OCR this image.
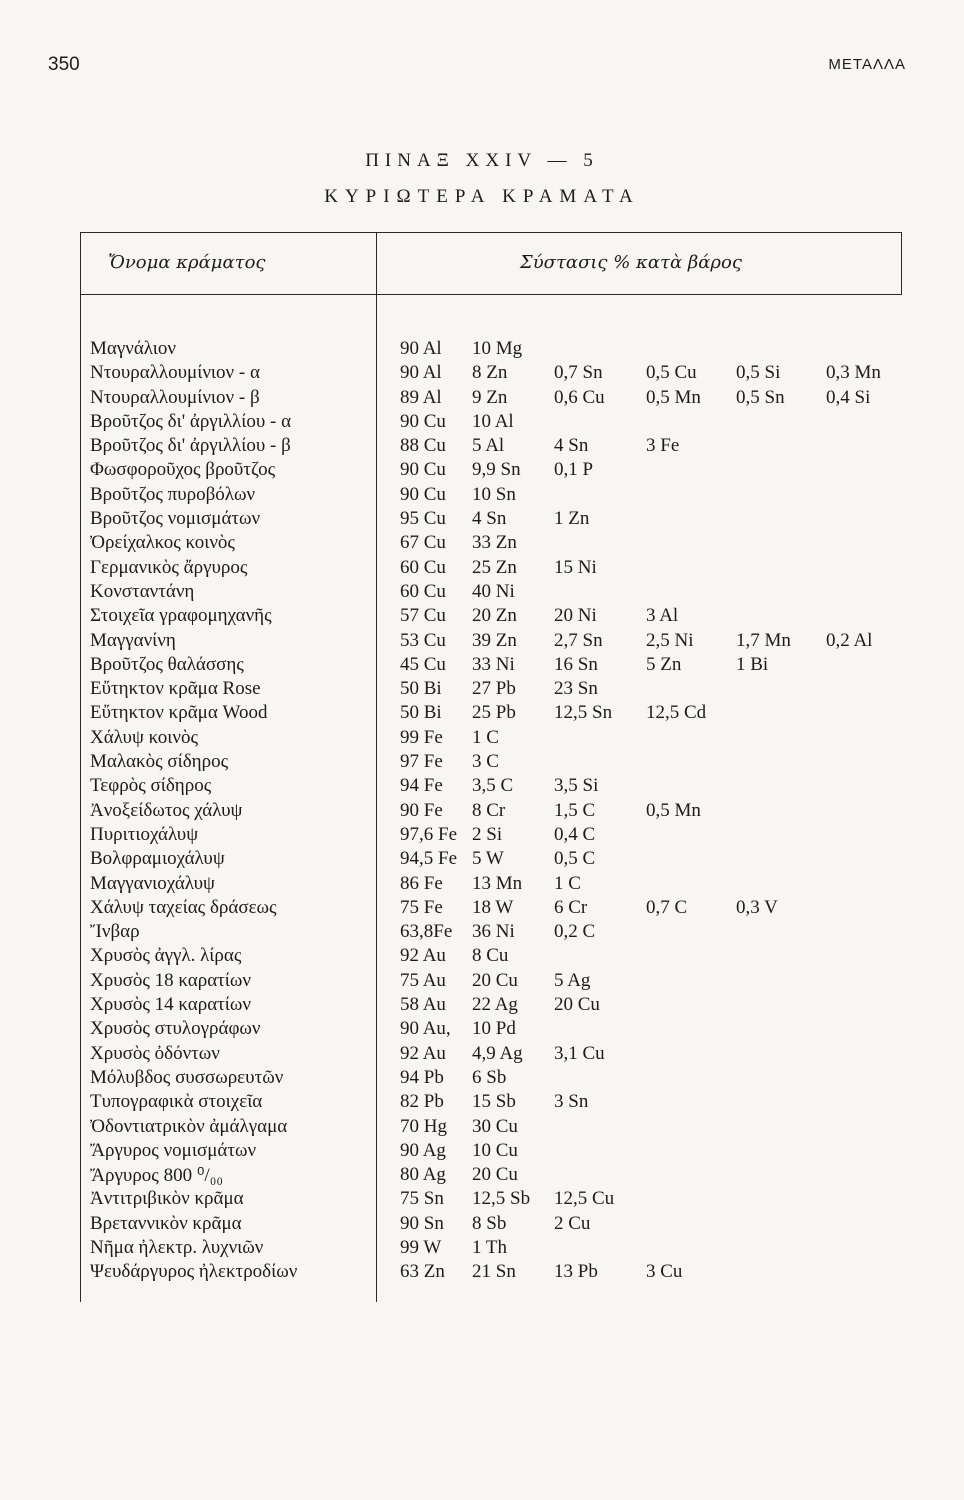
350	ΜΕΤΑΛΛΑ
ΠΙΝΑΞ XXIV — 5
ΚΥΡΙΩΤΕΡΑ ΚΡΑΜΑΤΑ
Ὄνομα κράματος	Σύστασις % κατὰ βάρος
Μαγνάλιον	90 Al 10 Mg
Ντουραλλουμίνιον - α	90 Al 8 Zn 0,7 Sn 0,5 Cu 0,5 Si 0,3 Mn
Ντουραλλουμίνιον - β	89 Al 9 Zn 0,6 Cu 0,5 Mn 0,5 Sn 0,4 Si
Βροῦτζος δι' ἀργιλλίου - α	90 Cu 10 Al
Βροῦτζος δι' ἀργιλλίου - β	88 Cu 5 Al	4 Sn	3 Fe
Φωσφοροῦχος βροῦτζος	90 Cu 9,9 Sn 0,1 P
Βροῦτζος πυροβόλων	90 Cu 10 Sn
Βροῦτζος νομισμάτων	95 Cu 4 Sn	1 Zn
Ὀρείχαλκος κοινὸς	67 Cu 33 Zn
Γερμανικὸς ἄργυρος	60 Cu 25 Zn 15 Ni
Κονσταντάνη	60 Cu 40 Ni
Στοιχεῖα γραφομηχανῆς	57 Cu 20 Zn 20 Ni	3 Al
Μαγγανίνη	53 Cu 39 Zn 2,7 Sn 2,5 Ni 1,7 Mn 0,2 Al
Βροῦτζος θαλάσσης	45 Cu 33 Ni 16 Sn	5 Zn	1 Bi
Εὔτηκτον κρᾶμα Rose	50 Bi 27 Pb 23 Sn
Εὔτηκτον κρᾶμα Wood	50 Bi 25 Pb 12,5 Sn 12,5 Cd
Χάλυψ κοινὸς	99 Fe 1 C
Μαλακὸς σίδηρος	97 Fe 3 C
Τεφρὸς σίδηρος	94 Fe 3,5 C 3,5 Si
Ἀνοξείδωτος χάλυψ	90 Fe 8 Cr	1,5 C	0,5 Mn
Πυριτιοχάλυψ	97,6 Fe 2 Si	0,4 C
Βολφραμιοχάλυψ	94,5 Fe 5 W	0,5 C
Μαγγανιοχάλυψ	86 Fe 13 Mn 1 C
Χάλυψ ταχείας δράσεως	75 Fe 18 W 6 Cr	0,7 C	0,3 V
Ἴνβαρ	63,8Fe 36 Ni 0,2 C
Χρυσὸς ἀγγλ. λίρας	92 Au 8 Cu
Χρυσὸς 18 καρατίων	75 Au 20 Cu 5 Ag
Χρυσὸς 14 καρατίων	58 Au 22 Ag 20 Cu
Χρυσὸς στυλογράφων	90 Au, 10 Pd
Χρυσὸς ὀδόντων	92 Au 4,9 Ag 3,1 Cu
Μόλυβδος συσσωρευτῶν	94 Pb 6 Sb
Τυπογραφικὰ στοιχεῖα	82 Pb 15 Sb 3 Sn
Ὀδοντιατρικὸν ἀμάλγαμα	70 Hg 30 Cu
Ἄργυρος νομισμάτων	90 Ag 10 Cu
Ἄργυρος 800 ⁰/₀₀	80 Ag 20 Cu
Ἀντιτριβικὸν κρᾶμα	75 Sn 12,5 Sb 12,5 Cu
Βρεταννικὸν κρᾶμα	90 Sn 8 Sb	2 Cu
Νῆμα ἠλεκτρ. λυχνιῶν	99 W 1 Th
Ψευδάργυρος ἠλεκτροδίων	63 Zn 21 Sn 13 Pb	3 Cu
